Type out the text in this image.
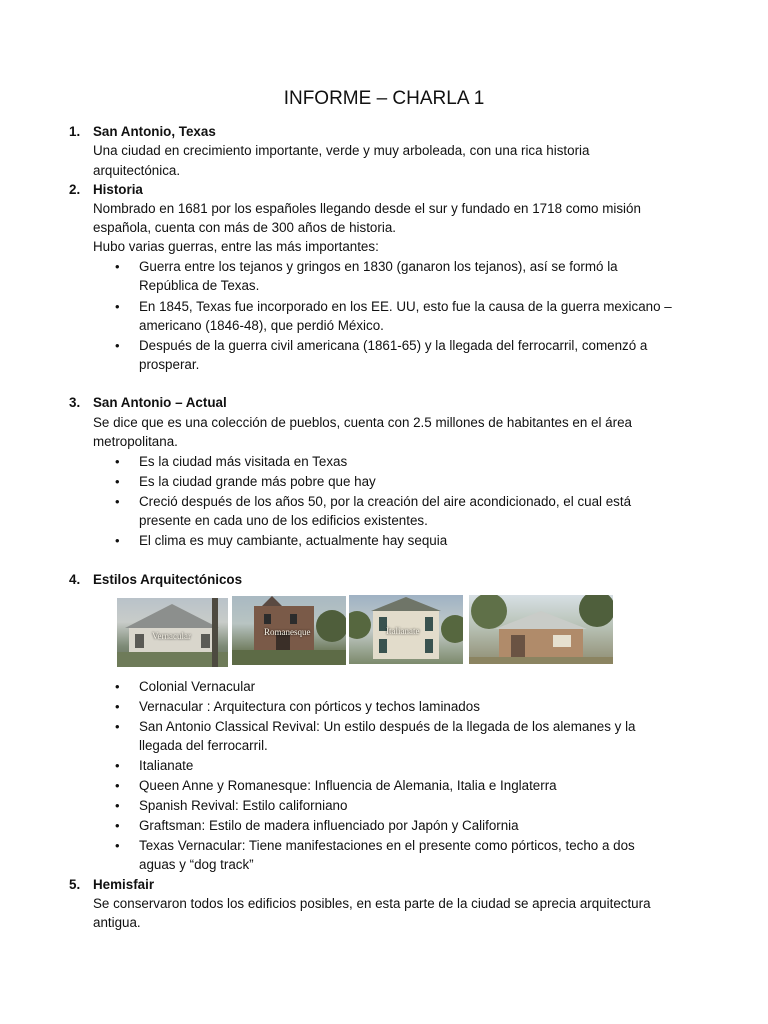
INFORME – CHARLA 1
1. San Antonio, Texas
Una ciudad en crecimiento importante, verde y muy arboleada, con una rica historia
arquitectónica.
2. Historia
Nombrado en 1681 por los españoles llegando desde el sur y fundado en 1718 como misión
española, cuenta con más de 300 años de historia.
Hubo varias guerras, entre las más importantes:
• Guerra entre los tejanos y gringos en 1830 (ganaron los tejanos), así se formó la
República de Texas.
• En 1845, Texas fue incorporado en los EE. UU, esto fue la causa de la guerra mexicano –
americano (1846-48), que perdió México.
• Después de la guerra civil americana (1861-65) y la llegada del ferrocarril, comenzó a
prosperar.
3. San Antonio – Actual
Se dice que es una colección de pueblos, cuenta con 2.5 millones de habitantes en el área
metropolitana.
• Es la ciudad más visitada en Texas
• Es la ciudad grande más pobre que hay
• Creció después de los años 50, por la creación del aire acondicionado, el cual está
presente en cada uno de los edificios existentes.
• El clima es muy cambiante, actualmente hay sequia
4. Estilos Arquitectónicos
Vernacular	Romanesque	Italianate
• Colonial Vernacular
• Vernacular : Arquitectura con pórticos y techos laminados
• San Antonio Classical Revival: Un estilo después de la llegada de los alemanes y la
llegada del ferrocarril.
• Italianate
• Queen Anne y Romanesque: Influencia de Alemania, Italia e Inglaterra
• Spanish Revival: Estilo californiano
• Graftsman: Estilo de madera influenciado por Japón y California
• Texas Vernacular: Tiene manifestaciones en el presente como pórticos, techo a dos
aguas y “dog track”
5. Hemisfair
Se conservaron todos los edificios posibles, en esta parte de la ciudad se aprecia arquitectura
antigua.
